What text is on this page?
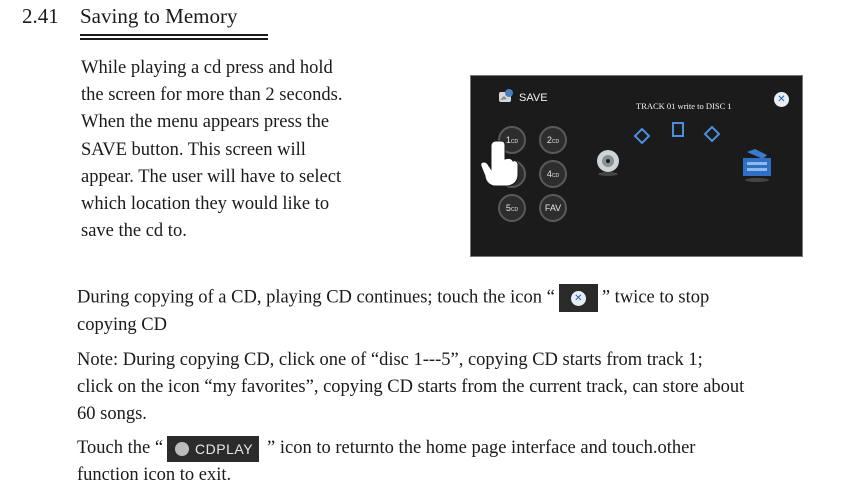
2.41 Saving to Memory
While playing a cd press and hold
the screen for more than 2 seconds.
When the menu appears press the
SAVE button. This screen will
appear. The user will have to select
which location they would like to
save the cd to.
SAVE
TRACK 01 write to DISC 1
✕
1CD	2CD
4CD
5CD	FAV
During copying of a CD, playing CD continues; touch the icon “	✕ ” twice to stop
copying CD
Note: During copying CD, click one of “disc 1---5”, copying CD starts from track 1;
click on the icon “my favorites”, copying CD starts from the current track, can store about
60 songs.
Touch the “ CDPLAY ” icon to returnto the home page interface and touch.other
function icon to exit.
